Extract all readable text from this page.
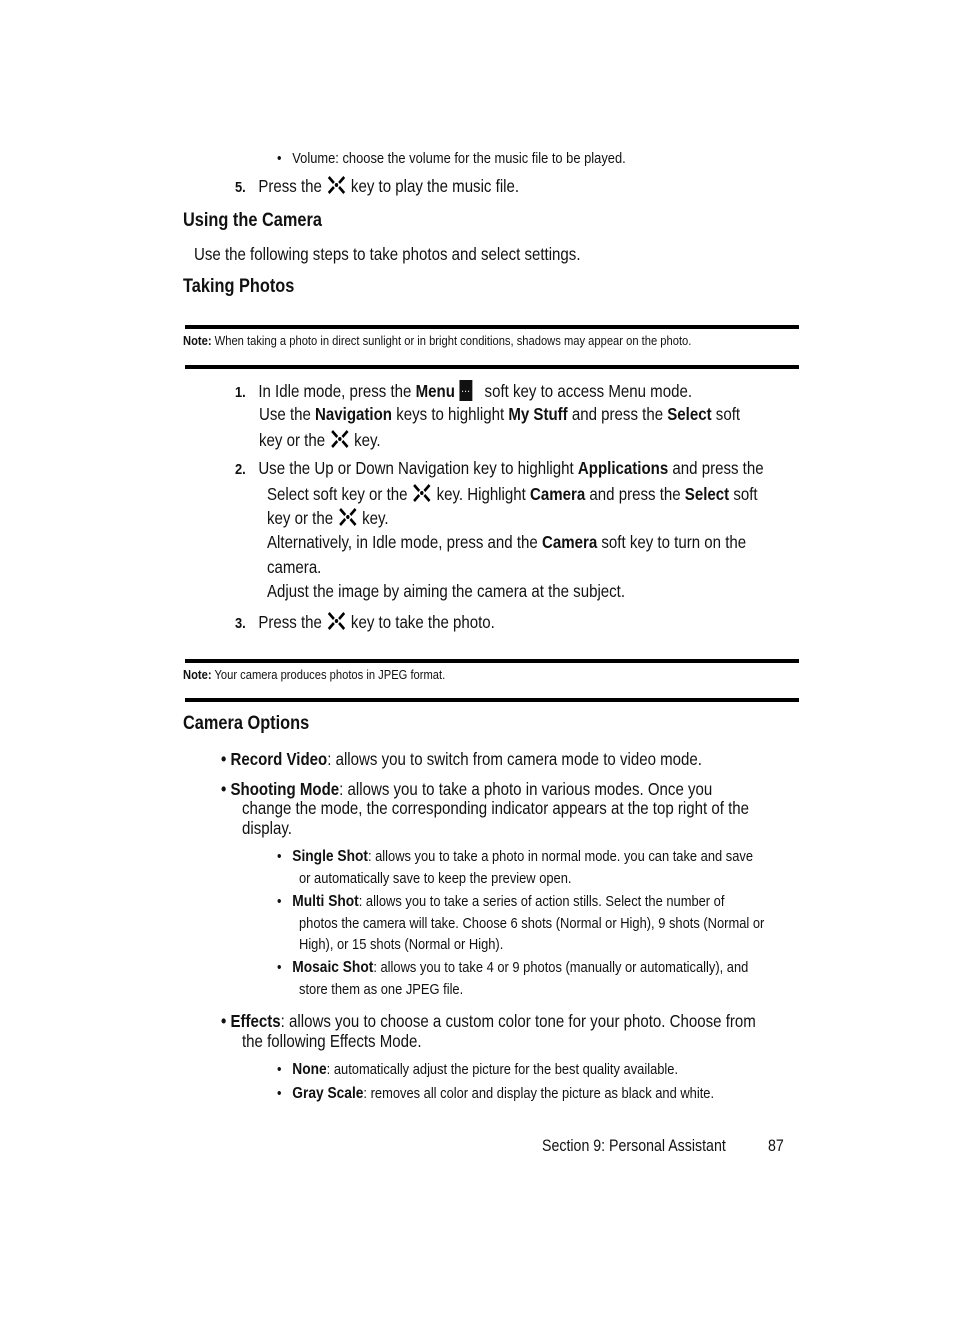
•   Volume: choose the volume for the music file to be played.
5. Press the key to play the music file.
Using the Camera
Use the following steps to take photos and select settings.
Taking Photos
Note: When taking a photo in direct sunlight or in bright conditions, shadows may appear on the photo.
1. In Idle mode, press the Menu … soft key to access Menu mode.
Use the Navigation keys to highlight My Stuff and press the Select soft
key or the key.
2. Use the Up or Down Navigation key to highlight Applications and press the
Select soft key or the key. Highlight Camera and press the Select soft
key or the key.
Alternatively, in Idle mode, press and the Camera soft key to turn on the
camera.
Adjust the image by aiming the camera at the subject.
3. Press the key to take the photo.
Note: Your camera produces photos in JPEG format.
Camera Options
• Record Video: allows you to switch from camera mode to video mode.
• Shooting Mode: allows you to take a photo in various modes. Once you
change the mode, the corresponding indicator appears at the top right of the
display.
•   Single Shot: allows you to take a photo in normal mode. you can take and save
or automatically save to keep the preview open.
•   Multi Shot: allows you to take a series of action stills. Select the number of
photos the camera will take. Choose 6 shots (Normal or High), 9 shots (Normal or
High), or 15 shots (Normal or High).
•   Mosaic Shot: allows you to take 4 or 9 photos (manually or automatically), and
store them as one JPEG file.
• Effects: allows you to choose a custom color tone for your photo. Choose from
the following Effects Mode.
•   None: automatically adjust the picture for the best quality available.
•   Gray Scale: removes all color and display the picture as black and white.
Section 9: Personal Assistant	87
